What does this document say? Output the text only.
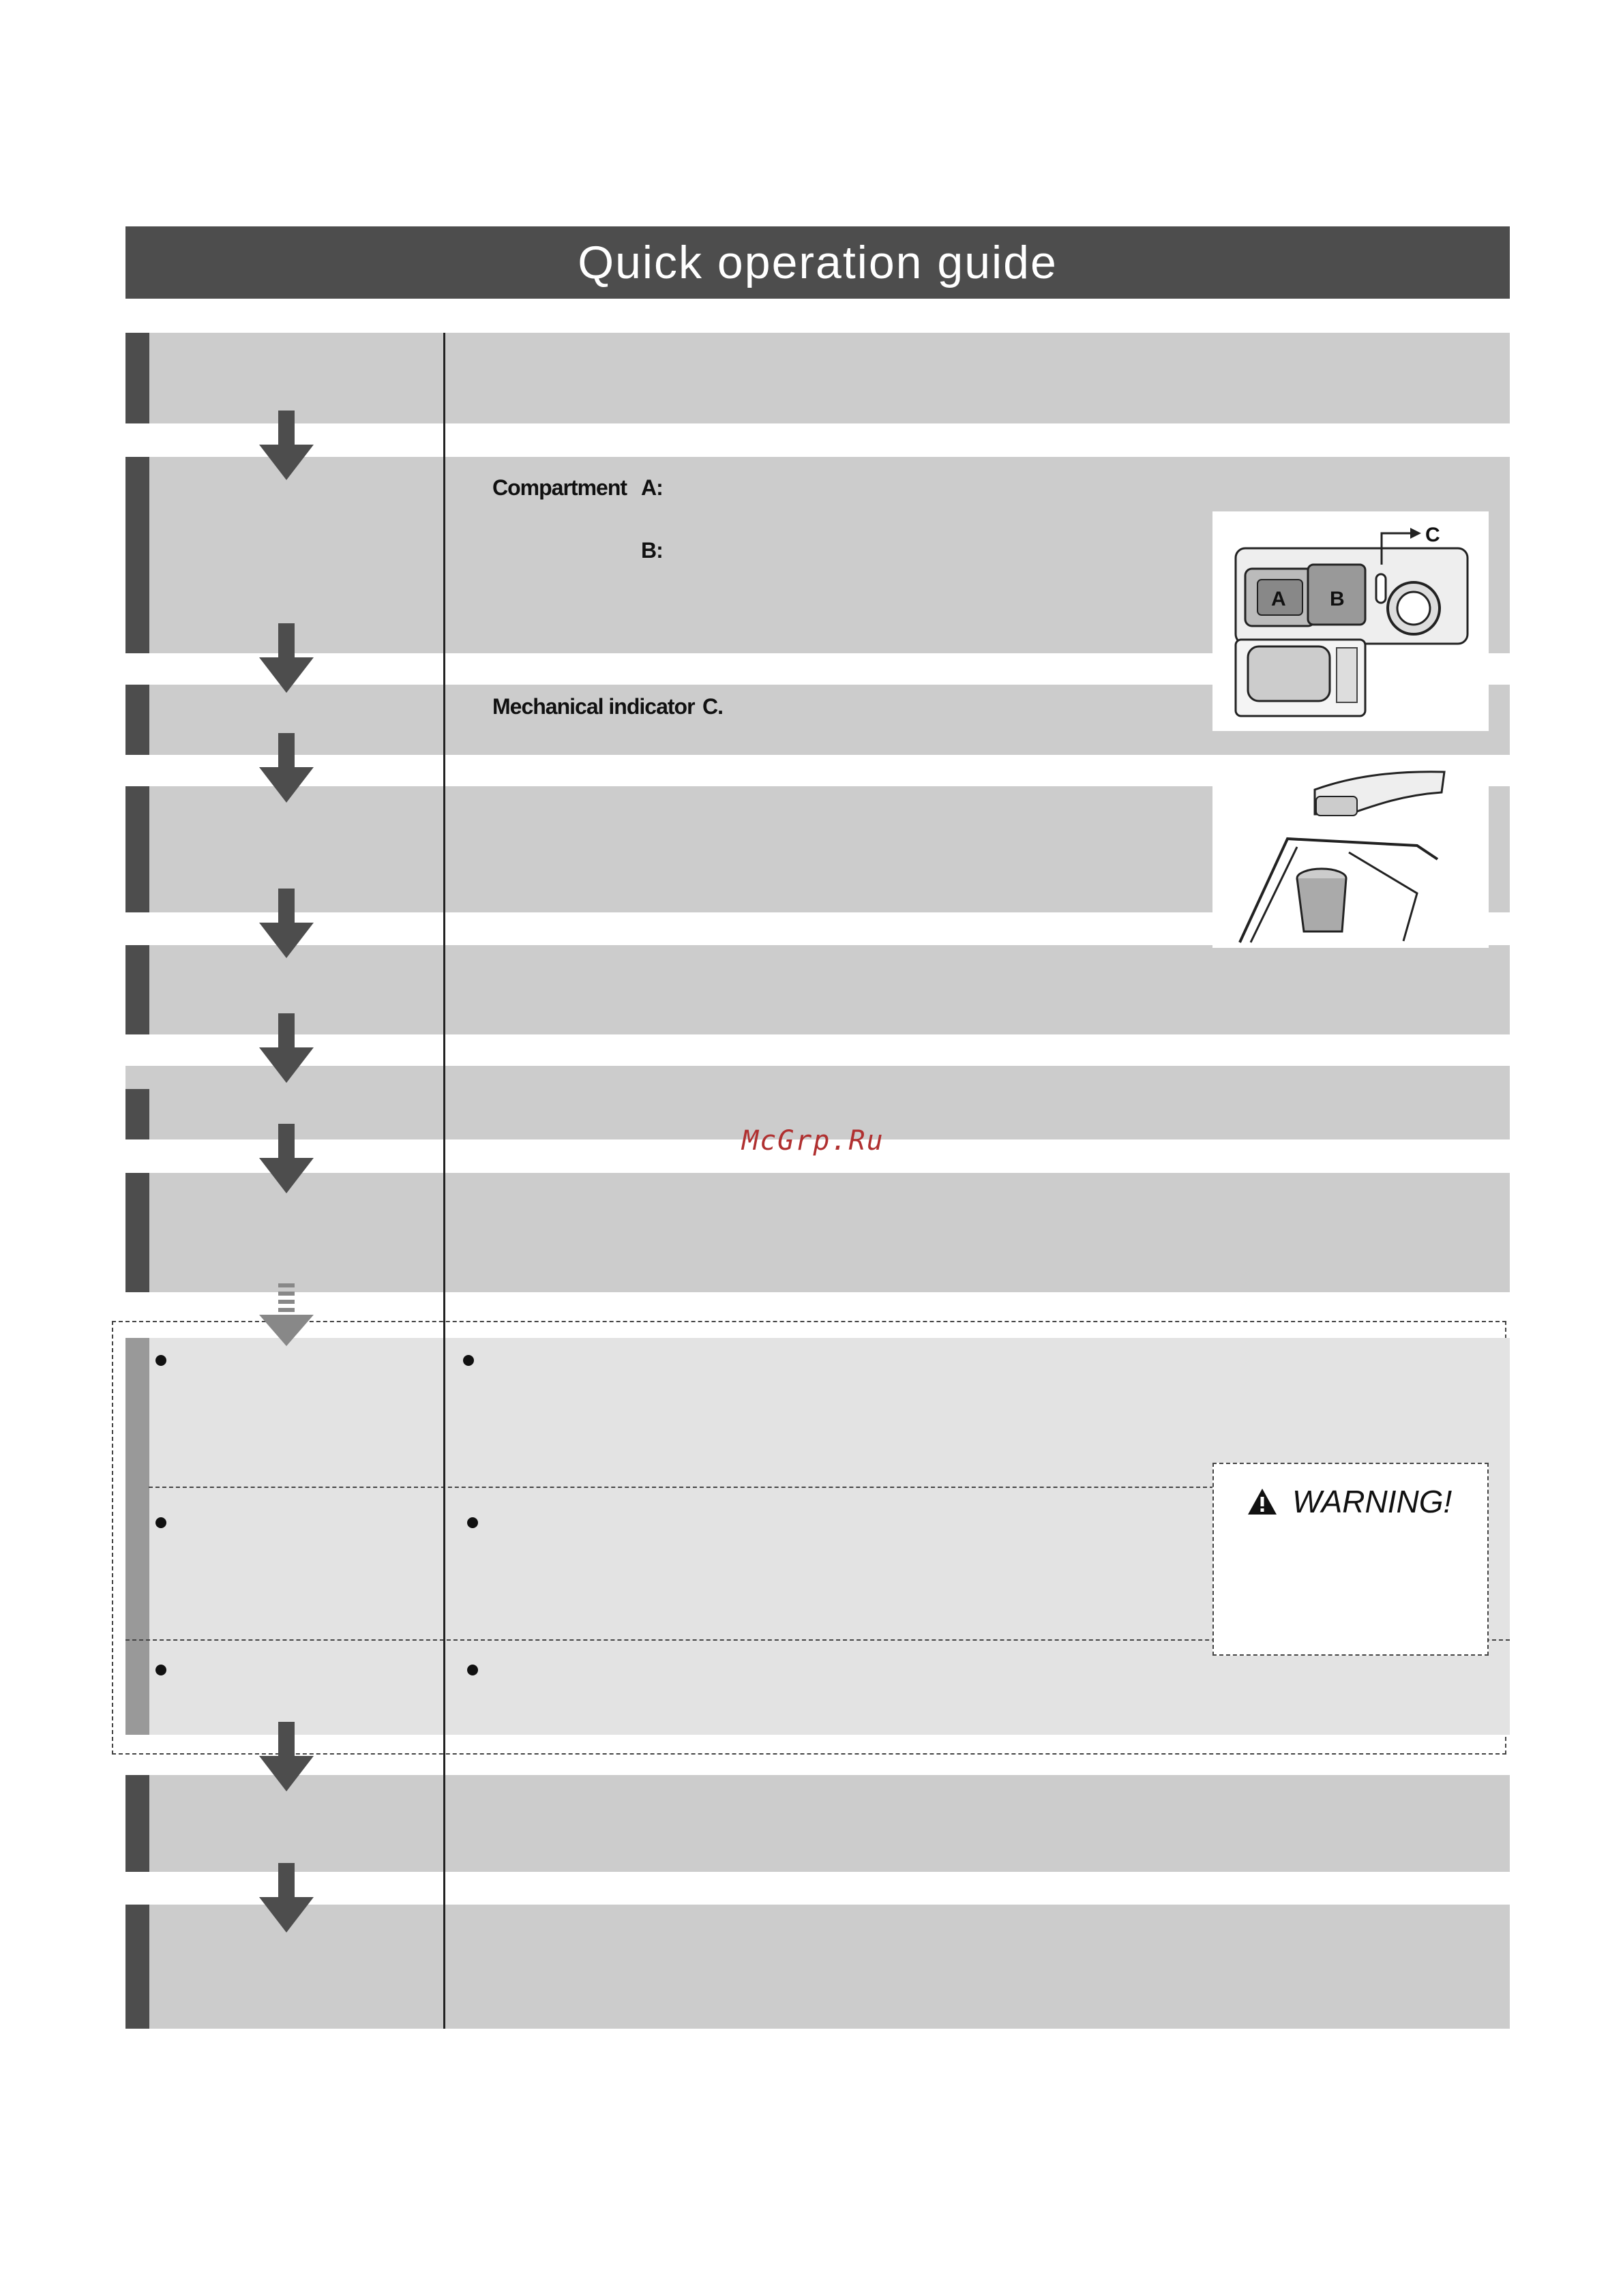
Quick operation guide
Compartment A:
B:
Mechanical indicator C.
C
A B
WARNING!
McGrp.Ru
